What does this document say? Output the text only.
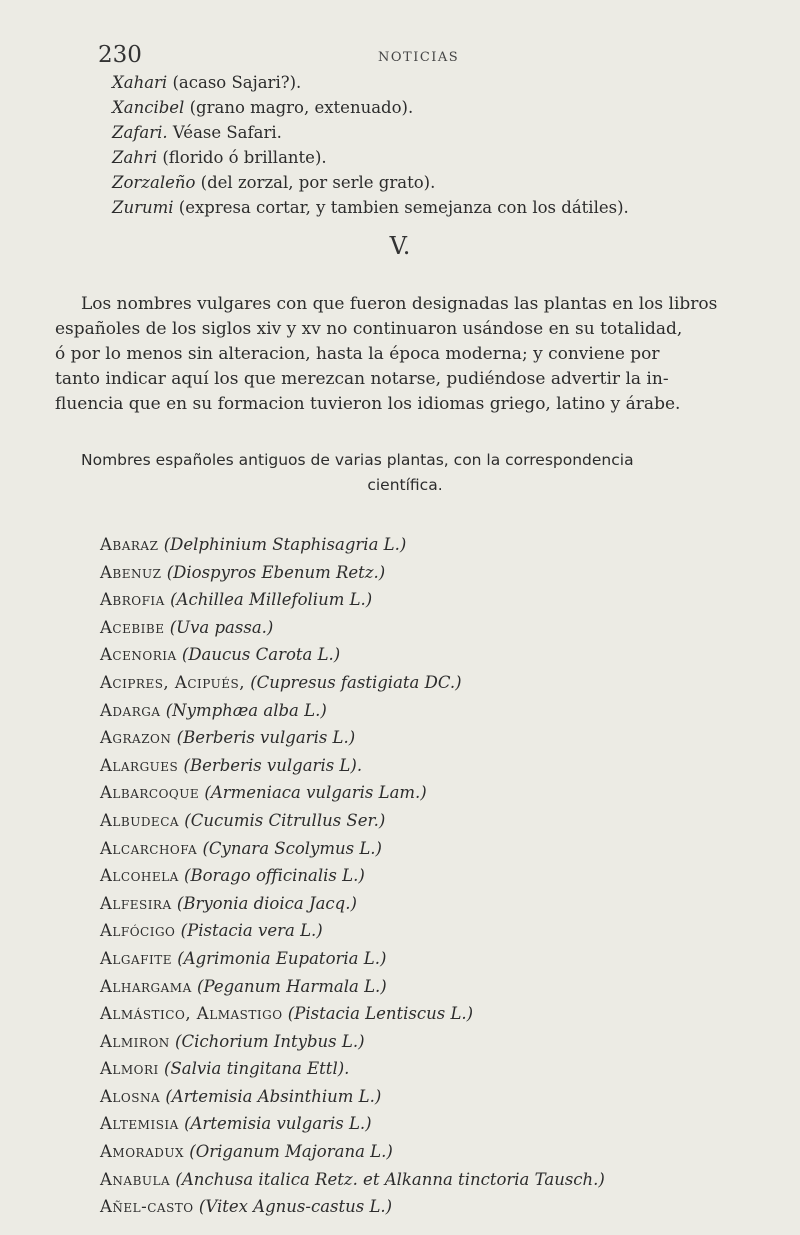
230	NOTICIAS
Xahari (acaso Sajari?).
Xancibel (grano magro, extenuado).
Zafari. Véase Safari.
Zahri (florido ó brillante).
Zorzaleño (del zorzal, por serle grato).
Zurumi (expresa cortar, y tambien semejanza con los dátiles).
V.
Los nombres vulgares con que fueron designadas las plantas en los libros
españoles de los siglos xiv y xv no continuaron usándose en su totalidad,
ó por lo menos sin alteracion, hasta la época moderna; y conviene por
tanto indicar aquí los que merezcan notarse, pudiéndose advertir la in-
fluencia que en su formacion tuvieron los idiomas griego, latino y árabe.
Nombres españoles antiguos de varias plantas, con la correspondencia
científica.
Abaraz (Delphinium Staphisagria L.)
Abenuz (Diospyros Ebenum Retz.)
Abrofia (Achillea Millefolium L.)
Acebibe (Uva passa.)
Acenoria (Daucus Carota L.)
Acipres, Acipués, (Cupresus fastigiata DC.)
Adarga (Nymphæa alba L.)
Agrazon (Berberis vulgaris L.)
Alargues (Berberis vulgaris L).
Albarcoque (Armeniaca vulgaris Lam.)
Albudeca (Cucumis Citrullus Ser.)
Alcarchofa (Cynara Scolymus L.)
Alcohela (Borago officinalis L.)
Alfesira (Bryonia dioica Jacq.)
Alfócigo (Pistacia vera L.)
Algafite (Agrimonia Eupatoria L.)
Alhargama (Peganum Harmala L.)
Almástico, Almastigo (Pistacia Lentiscus L.)
Almiron (Cichorium Intybus L.)
Almori (Salvia tingitana Ettl).
Alosna (Artemisia Absinthium L.)
Altemisia (Artemisia vulgaris L.)
Amoradux (Origanum Majorana L.)
Anabula (Anchusa italica Retz. et Alkanna tinctoria Tausch.)
Añel-casto (Vitex Agnus-castus L.)
